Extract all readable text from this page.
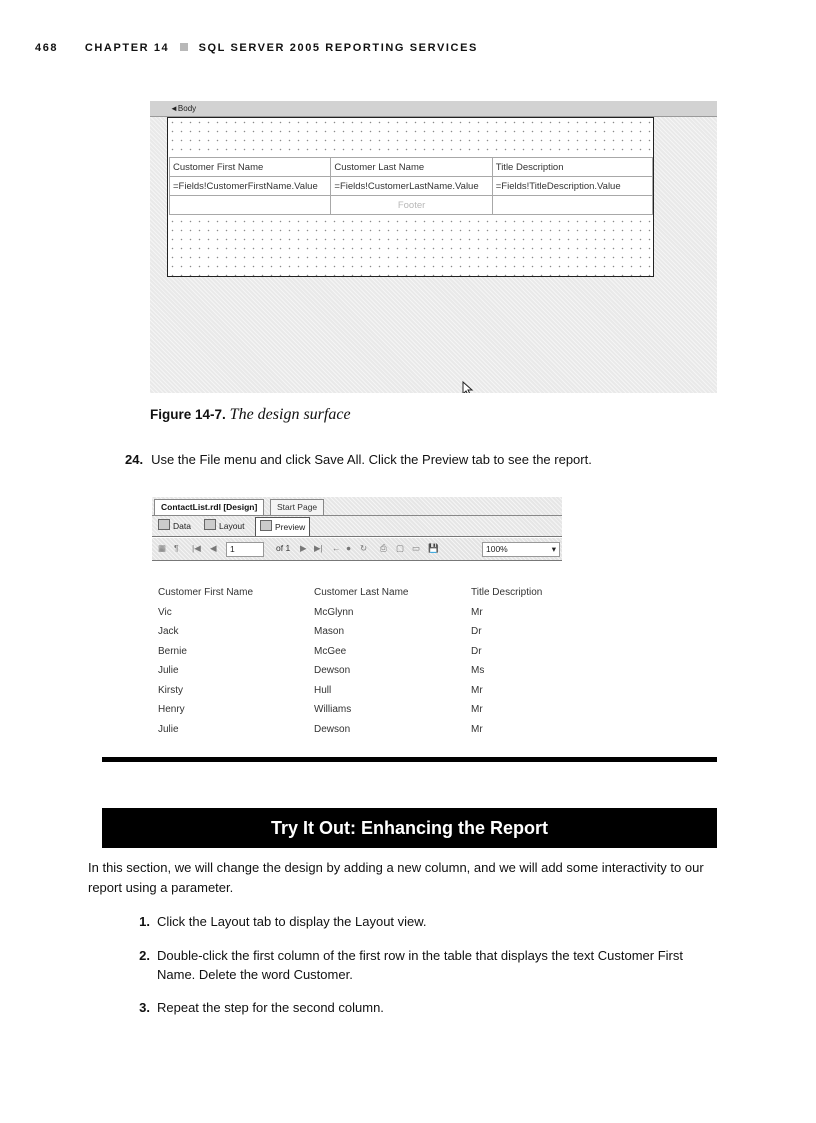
468 CHAPTER 14	SQL SERVER 2005 REPORTING SERVICES
◄Body
Customer First Name	Customer Last Name	Title Description
=Fields!CustomerFirstName.Value	=Fields!CustomerLastName.Value	=Fields!TitleDescription.Value
	Footer	
Figure 14-7. The design surface
24. Use the File menu and click Save All. Click the Preview tab to see the report.
ContactList.rdl [Design]	Start Page
Data	Layout	Preview
▦ ¶ |◀ ◀	1	of 1 ▶ ▶| ← ● ↻ ⎙ ▢ ▭ 💾	100%	▾
Customer First Name	Customer Last Name	Title Description
Vic	McGlynn	Mr
Jack	Mason	Dr
Bernie	McGee	Dr
Julie	Dewson	Ms
Kirsty	Hull	Mr
Henry	Williams	Mr
Julie	Dewson	Mr
Try It Out: Enhancing the Report
In this section, we will change the design by adding a new column, and we will add some interactivity to our report using a parameter.
1. Click the Layout tab to display the Layout view.
2. Double-click the first column of the first row in the table that displays the text Customer First Name. Delete the word Customer.
3. Repeat the step for the second column.
